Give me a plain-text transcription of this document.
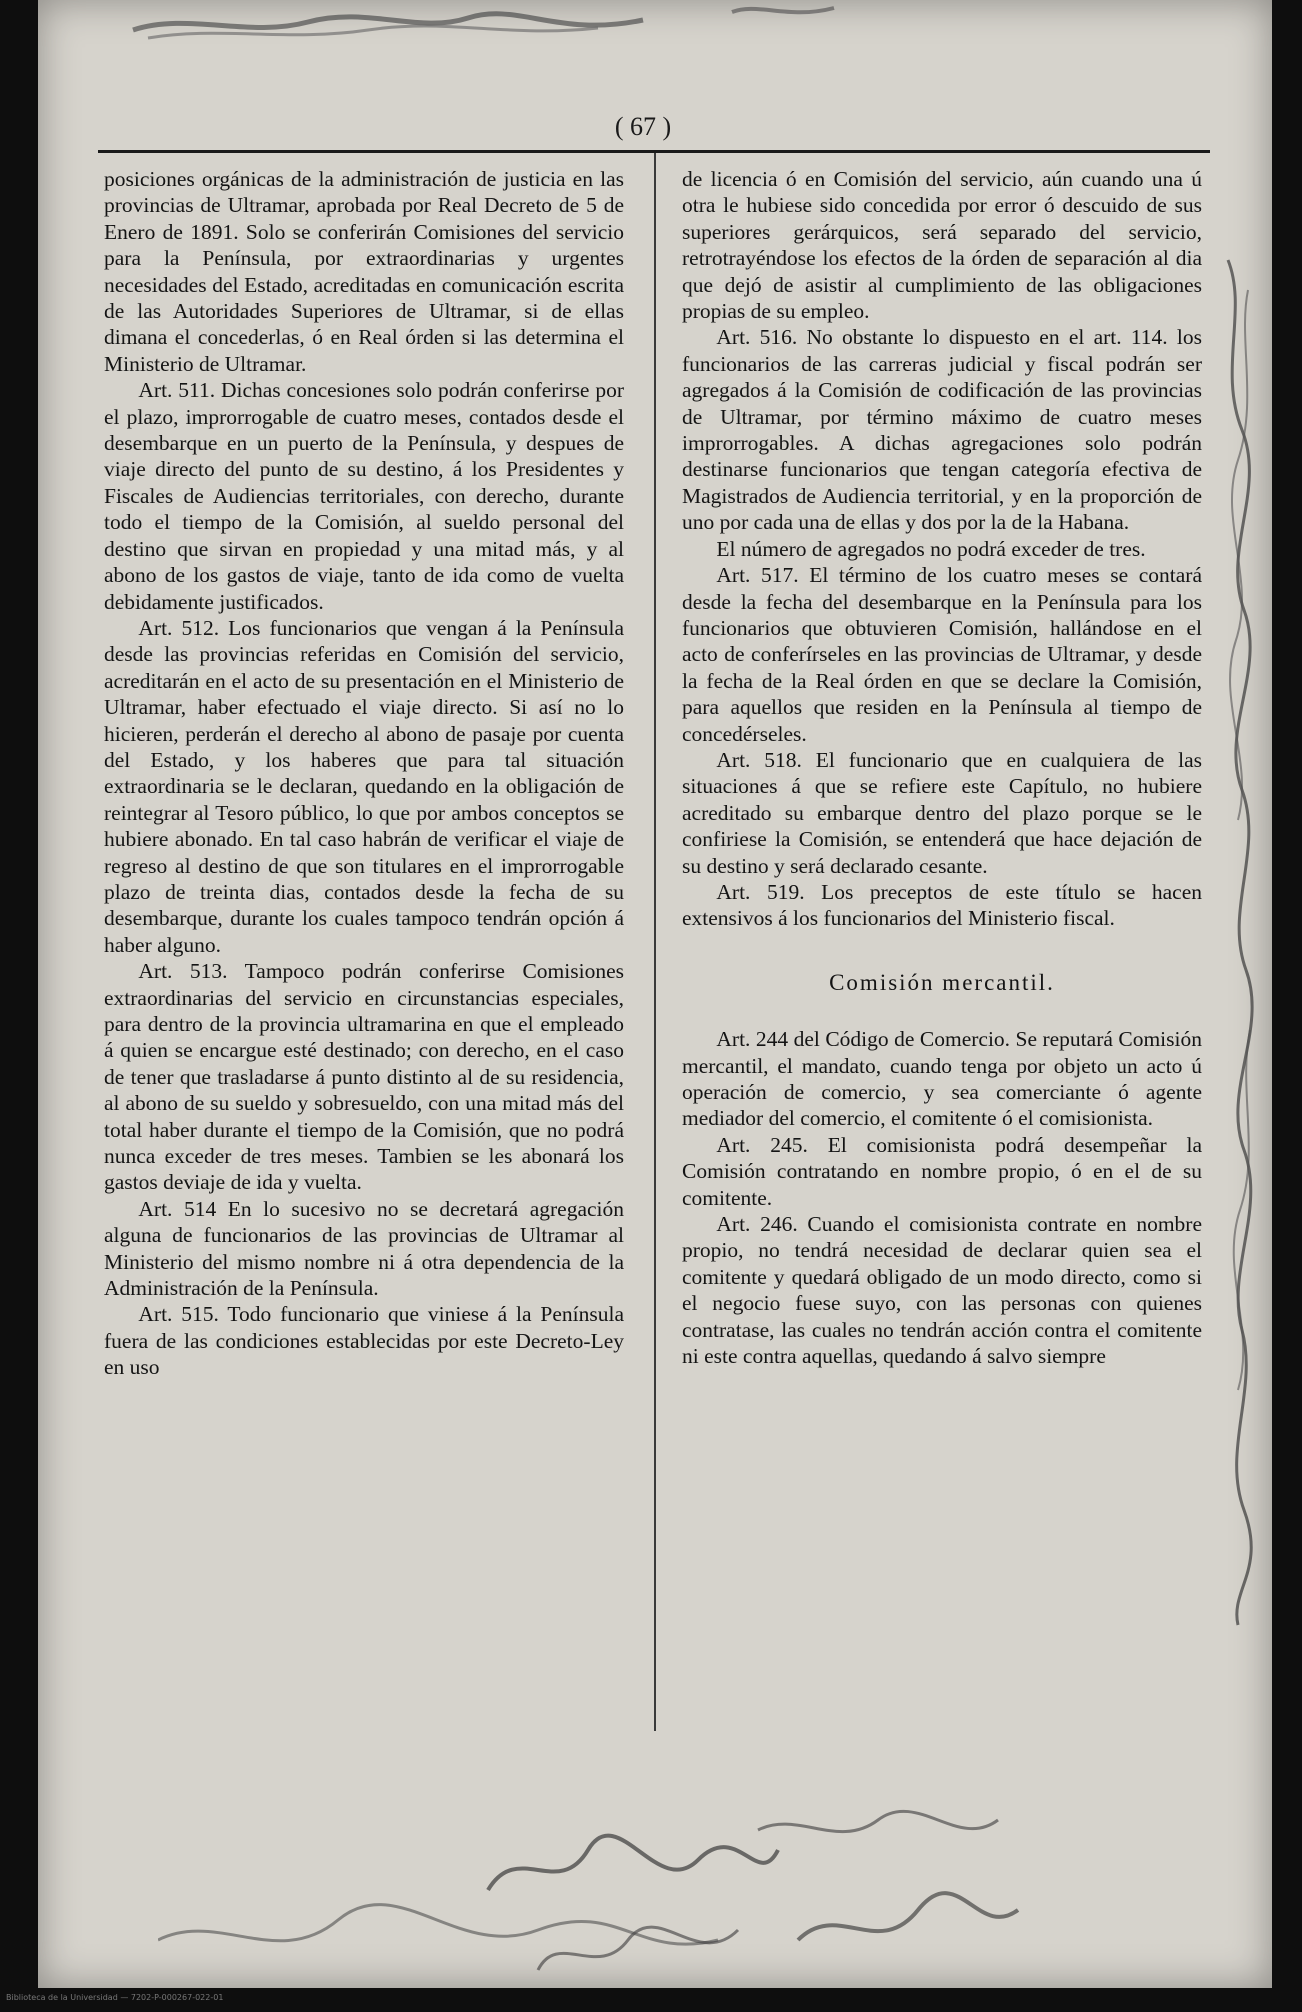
( 67 )

posiciones orgánicas de la administración de justicia en las provincias de Ultramar, aprobada por Real Decreto de 5 de Enero de 1891. Solo se conferirán Comisiones del servicio para la Península, por extraordinarias y urgentes necesidades del Estado, acreditadas en comunicación escrita de las Autoridades Superiores de Ultramar, si de ellas dimana el concederlas, ó en Real órden si las determina el Ministerio de Ultramar.

Art. 511. Dichas concesiones solo podrán conferirse por el plazo, improrrogable de cuatro meses, contados desde el desembarque en un puerto de la Península, y despues de viaje directo del punto de su destino, á los Presidentes y Fiscales de Audiencias territoriales, con derecho, durante todo el tiempo de la Comisión, al sueldo personal del destino que sirvan en propiedad y una mitad más, y al abono de los gastos de viaje, tanto de ida como de vuelta debidamente justificados.

Art. 512. Los funcionarios que vengan á la Península desde las provincias referidas en Comisión del servicio, acreditarán en el acto de su presentación en el Ministerio de Ultramar, haber efectuado el viaje directo. Si así no lo hicieren, perderán el derecho al abono de pasaje por cuenta del Estado, y los haberes que para tal situación extraordinaria se le declaran, quedando en la obligación de reintegrar al Tesoro público, lo que por ambos conceptos se hubiere abonado. En tal caso habrán de verificar el viaje de regreso al destino de que son titulares en el improrrogable plazo de treinta dias, contados desde la fecha de su desembarque, durante los cuales tampoco tendrán opción á haber alguno.

Art. 513. Tampoco podrán conferirse Comisiones extraordinarias del servicio en circunstancias especiales, para dentro de la provincia ultramarina en que el empleado á quien se encargue esté destinado; con derecho, en el caso de tener que trasladarse á punto distinto al de su residencia, al abono de su sueldo y sobresueldo, con una mitad más del total haber durante el tiempo de la Comisión, que no podrá nunca exceder de tres meses. Tambien se les abonará los gastos deviaje de ida y vuelta.

Art. 514 En lo sucesivo no se decretará agregación alguna de funcionarios de las provincias de Ultramar al Ministerio del mismo nombre ni á otra dependencia de la Administración de la Península.

Art. 515. Todo funcionario que viniese á la Península fuera de las condiciones establecidas por este Decreto-Ley en uso

de licencia ó en Comisión del servicio, aún cuando una ú otra le hubiese sido concedida por error ó descuido de sus superiores gerárquicos, será separado del servicio, retrotrayéndose los efectos de la órden de separación al dia que dejó de asistir al cumplimiento de las obligaciones propias de su empleo.

Art. 516. No obstante lo dispuesto en el art. 114. los funcionarios de las carreras judicial y fiscal podrán ser agregados á la Comisión de codificación de las provincias de Ultramar, por término máximo de cuatro meses improrrogables. A dichas agregaciones solo podrán destinarse funcionarios que tengan categoría efectiva de Magistrados de Audiencia territorial, y en la proporción de uno por cada una de ellas y dos por la de la Habana.

El número de agregados no podrá exceder de tres.

Art. 517. El término de los cuatro meses se contará desde la fecha del desembarque en la Península para los funcionarios que obtuvieren Comisión, hallándose en el acto de conferírseles en las provincias de Ultramar, y desde la fecha de la Real órden en que se declare la Comisión, para aquellos que residen en la Península al tiempo de concedérseles.

Art. 518. El funcionario que en cualquiera de las situaciones á que se refiere este Capítulo, no hubiere acreditado su embarque dentro del plazo porque se le confiriese la Comisión, se entenderá que hace dejación de su destino y será declarado cesante.

Art. 519. Los preceptos de este título se hacen extensivos á los funcionarios del Ministerio fiscal.

Comisión mercantil.

Art. 244 del Código de Comercio. Se reputará Comisión mercantil, el mandato, cuando tenga por objeto un acto ú operación de comercio, y sea comerciante ó agente mediador del comercio, el comitente ó el comisionista.

Art. 245. El comisionista podrá desempeñar la Comisión contratando en nombre propio, ó en el de su comitente.

Art. 246. Cuando el comisionista contrate en nombre propio, no tendrá necesidad de declarar quien sea el comitente y quedará obligado de un modo directo, como si el negocio fuese suyo, con las personas con quienes contratase, las cuales no tendrán acción contra el comitente ni este contra aquellas, quedando á salvo siempre

Biblioteca de la Universidad — 7202-P-000267-022-01
